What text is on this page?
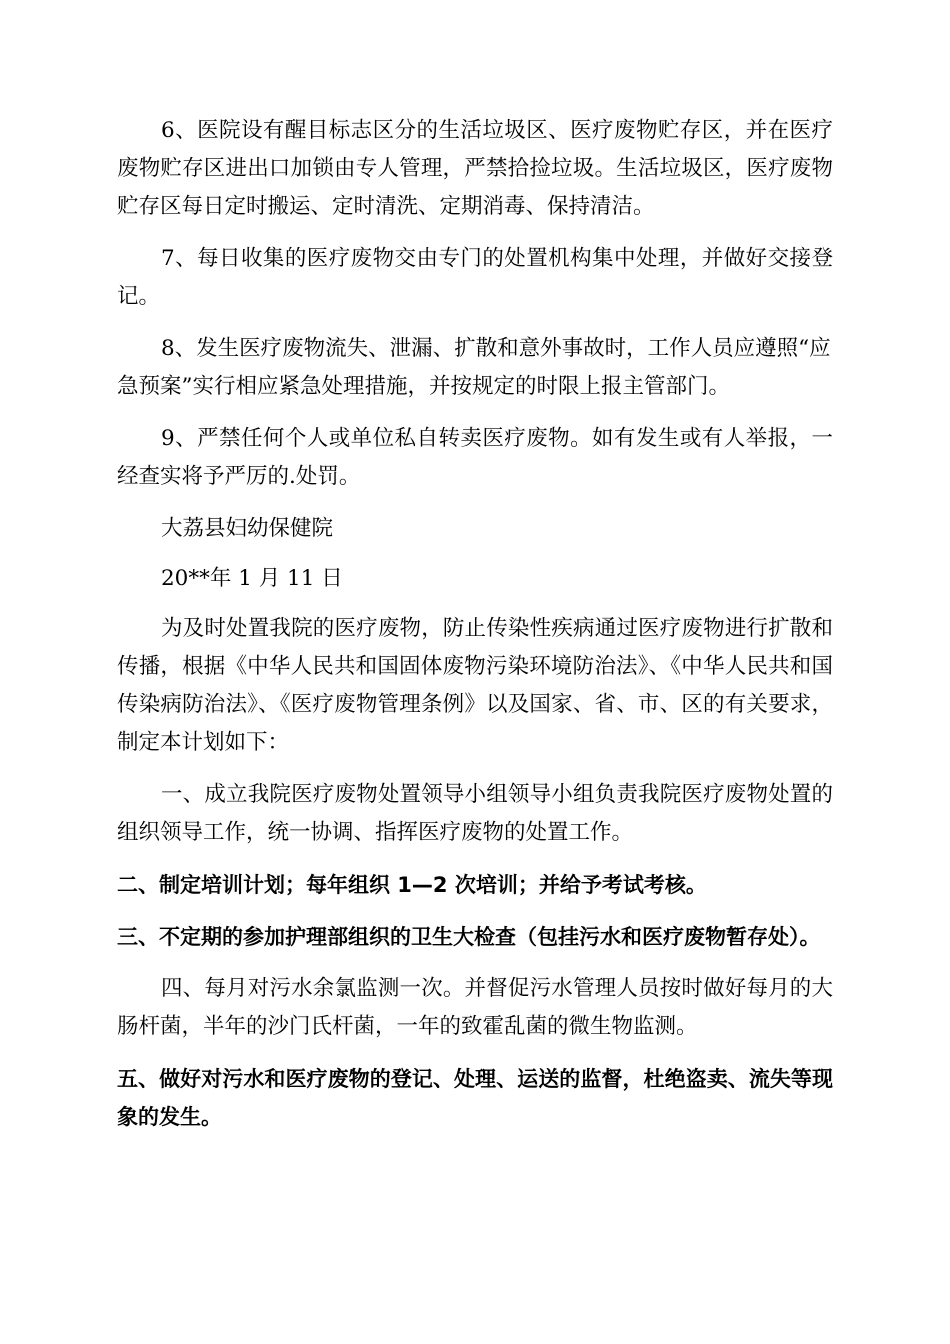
6、医院设有醒目标志区分的生活垃圾区、医疗废物贮存区，并在医疗废物贮存区进出口加锁由专人管理，严禁拾捡垃圾。生活垃圾区，医疗废物贮存区每日定时搬运、定时清洗、定期消毒、保持清洁。

7、每日收集的医疗废物交由专门的处置机构集中处理，并做好交接登记。

8、发生医疗废物流失、泄漏、扩散和意外事故时，工作人员应遵照“应急预案”实行相应紧急处理措施，并按规定的时限上报主管部门。

9、严禁任何个人或单位私自转卖医疗废物。如有发生或有人举报，一经查实将予严厉的.处罚。

大荔县妇幼保健院

20**年 1 月 11 日

为及时处置我院的医疗废物，防止传染性疾病通过医疗废物进行扩散和传播，根据《中华人民共和国固体废物污染环境防治法》、《中华人民共和国传染病防治法》、《医疗废物管理条例》以及国家、省、市、区的有关要求，制定本计划如下：

一、成立我院医疗废物处置领导小组领导小组负责我院医疗废物处置的组织领导工作，统一协调、指挥医疗废物的处置工作。

二、制定培训计划；每年组织 1—2 次培训；并给予考试考核。

三、不定期的参加护理部组织的卫生大检查（包挂污水和医疗废物暂存处）。

四、每月对污水余氯监测一次。并督促污水管理人员按时做好每月的大肠杆菌，半年的沙门氏杆菌，一年的致霍乱菌的微生物监测。

五、做好对污水和医疗废物的登记、处理、运送的监督，杜绝盗卖、流失等现象的发生。
